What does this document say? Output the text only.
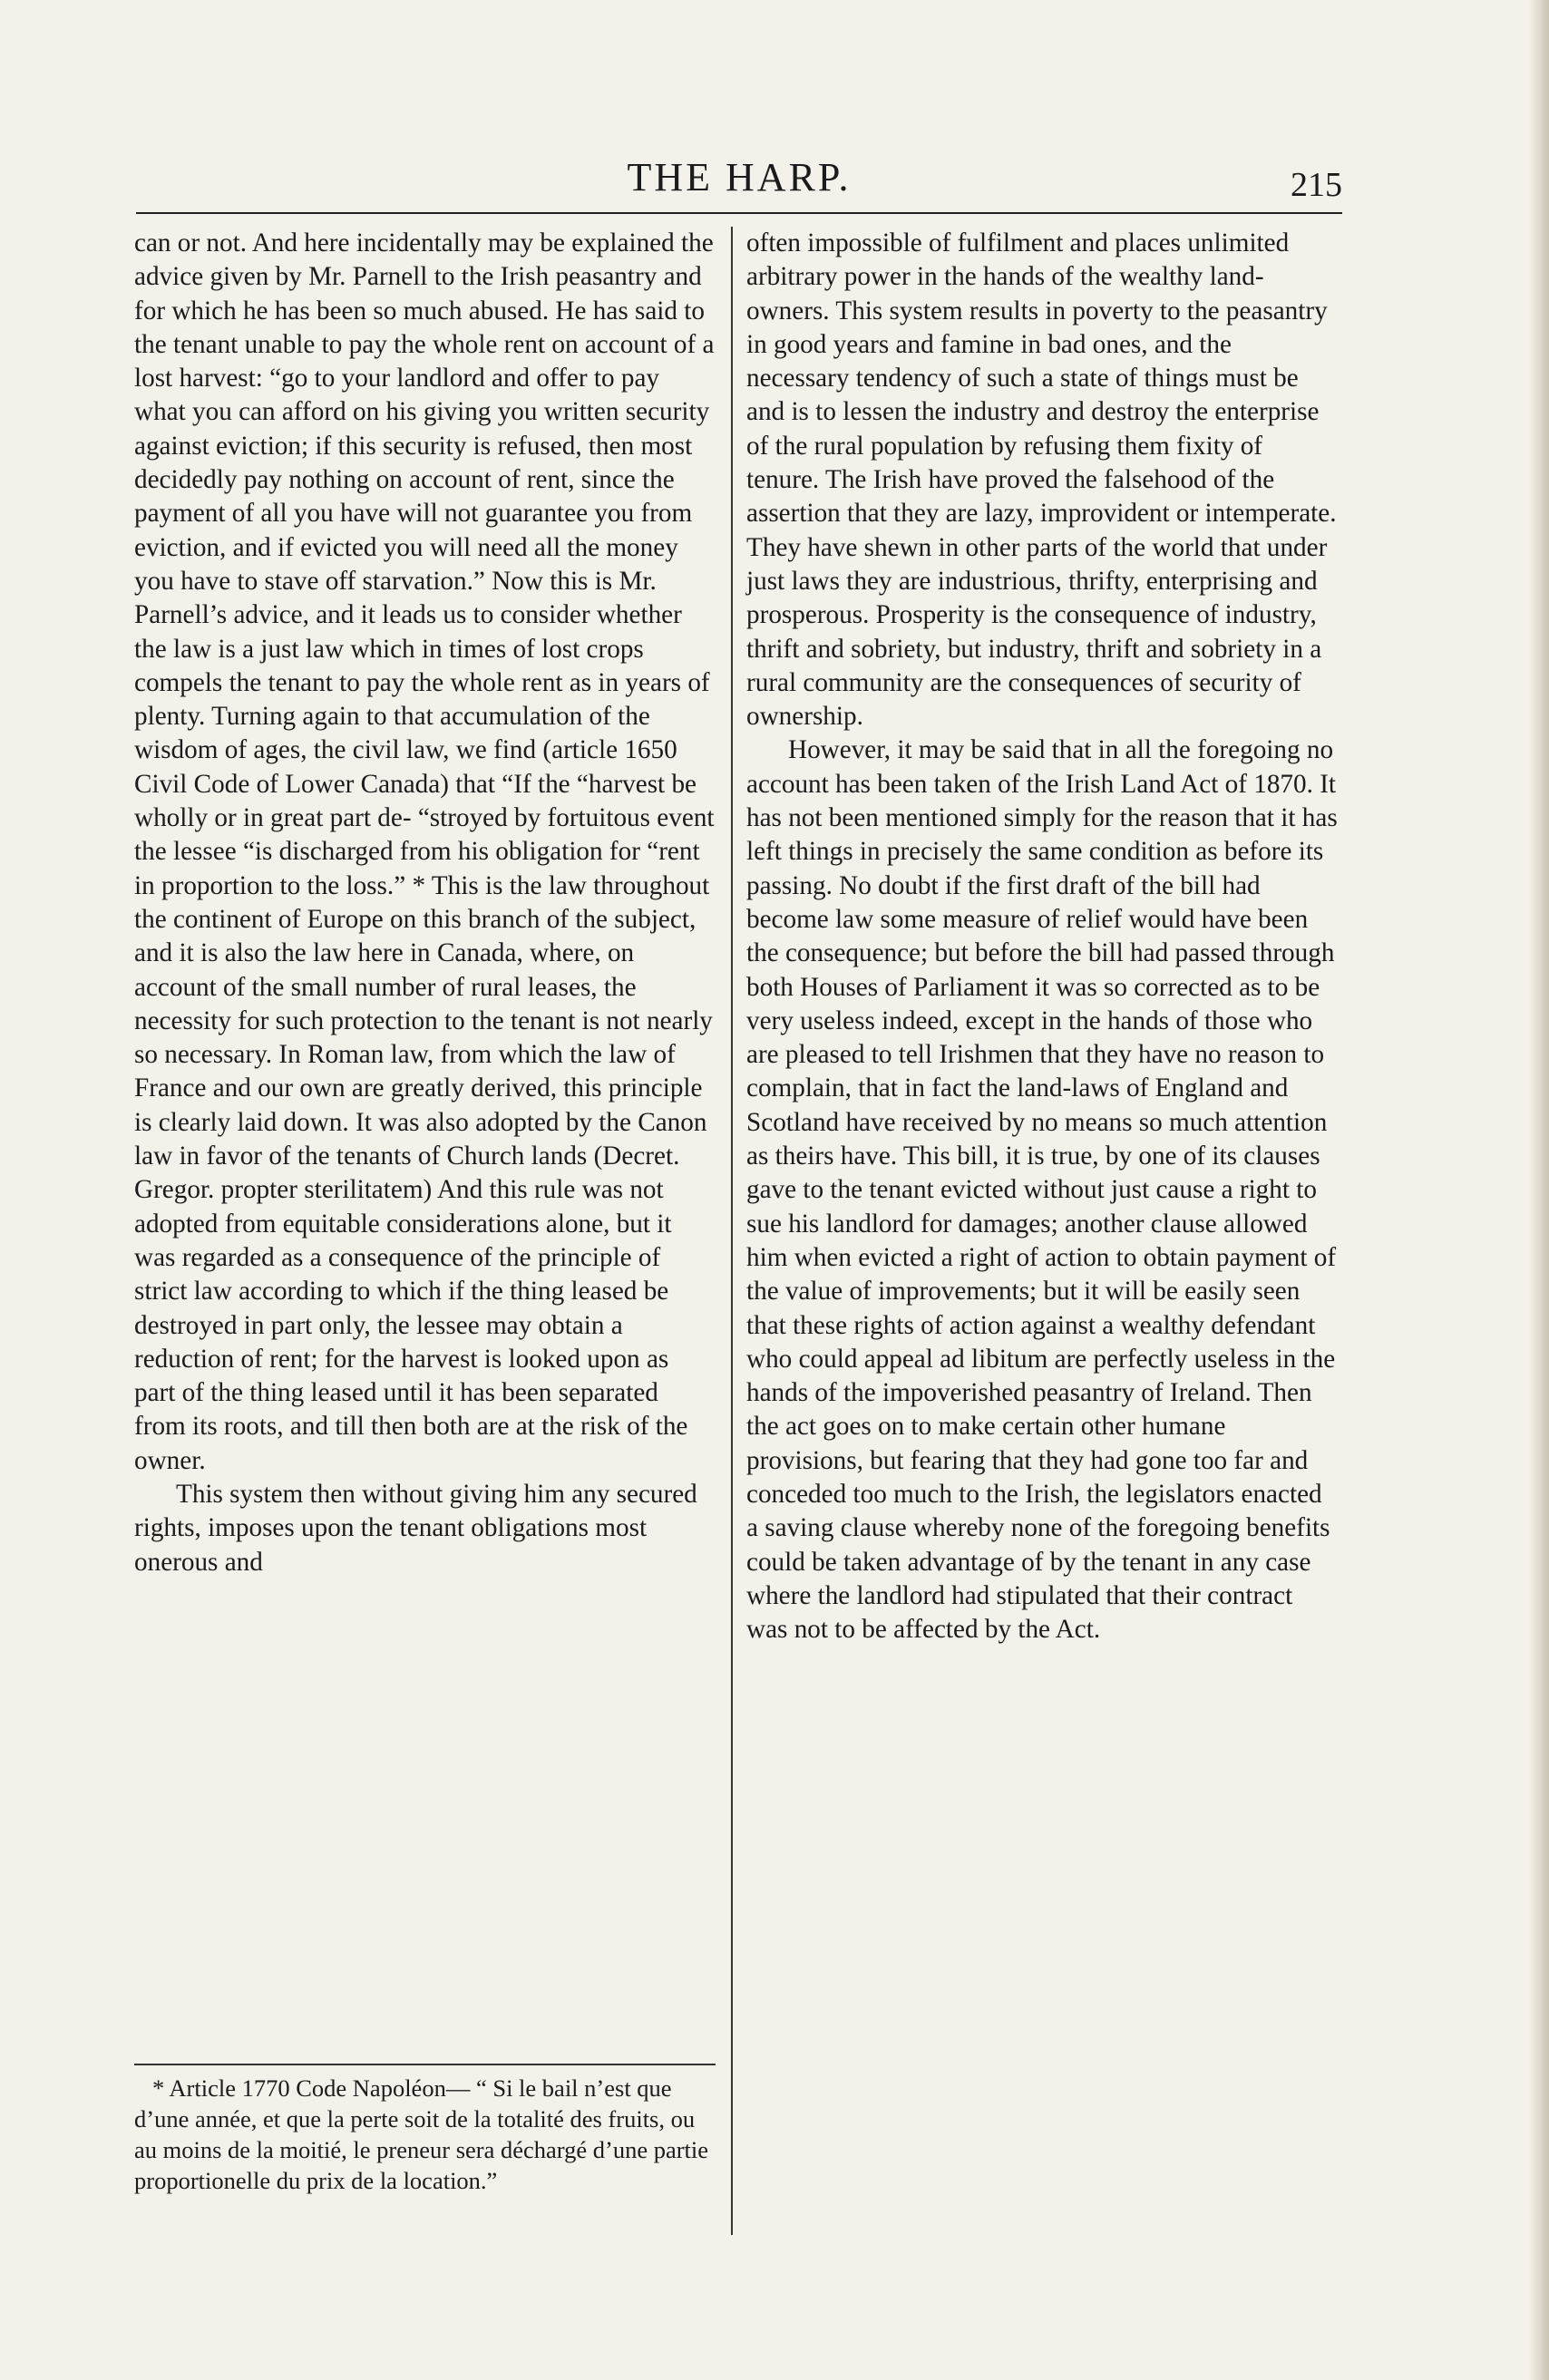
THE HARP.	215

can or not. And here incidentally may be explained the advice given by Mr. Parnell to the Irish peasantry and for which he has been so much abused. He has said to the tenant unable to pay the whole rent on account of a lost harvest: “go to your landlord and offer to pay what you can afford on his giving you written security against eviction; if this security is refused, then most decidedly pay nothing on account of rent, since the payment of all you have will not guarantee you from eviction, and if evicted you will need all the money you have to stave off starvation.” Now this is Mr. Parnell’s advice, and it leads us to consider whether the law is a just law which in times of lost crops compels the tenant to pay the whole rent as in years of plenty. Turning again to that accumulation of the wisdom of ages, the civil law, we find (article 1650 Civil Code of Lower Canada) that “If the “harvest be wholly or in great part de- “stroyed by fortuitous event the lessee “is discharged from his obligation for “rent in proportion to the loss.” * This is the law throughout the continent of Europe on this branch of the subject, and it is also the law here in Canada, where, on account of the small number of rural leases, the necessity for such protection to the tenant is not nearly so necessary. In Roman law, from which the law of France and our own are greatly derived, this principle is clearly laid down. It was also adopted by the Canon law in favor of the tenants of Church lands (Decret. Gregor. propter sterilitatem) And this rule was not adopted from equitable considerations alone, but it was regarded as a consequence of the principle of strict law according to which if the thing leased be destroyed in part only, the lessee may obtain a reduction of rent; for the harvest is looked upon as part of the thing leased until it has been separated from its roots, and till then both are at the risk of the owner.

This system then without giving him any secured rights, imposes upon the tenant obligations most onerous and

* Article 1770 Code Napoléon— “ Si le bail n’est que d’une année, et que la perte soit de la totalité des fruits, ou au moins de la moitié, le preneur sera déchargé d’une partie proportionelle du prix de la location.”

often impossible of fulfilment and places unlimited arbitrary power in the hands of the wealthy land-owners. This system results in poverty to the peasantry in good years and famine in bad ones, and the necessary tendency of such a state of things must be and is to lessen the industry and destroy the enterprise of the rural population by refusing them fixity of tenure. The Irish have proved the falsehood of the assertion that they are lazy, improvident or intemperate. They have shewn in other parts of the world that under just laws they are industrious, thrifty, enterprising and prosperous. Prosperity is the consequence of industry, thrift and sobriety, but industry, thrift and sobriety in a rural community are the consequences of security of ownership.

However, it may be said that in all the foregoing no account has been taken of the Irish Land Act of 1870. It has not been mentioned simply for the reason that it has left things in precisely the same condition as before its passing. No doubt if the first draft of the bill had become law some measure of relief would have been the consequence; but before the bill had passed through both Houses of Parliament it was so corrected as to be very useless indeed, except in the hands of those who are pleased to tell Irishmen that they have no reason to complain, that in fact the land-laws of England and Scotland have received by no means so much attention as theirs have. This bill, it is true, by one of its clauses gave to the tenant evicted without just cause a right to sue his landlord for damages; another clause allowed him when evicted a right of action to obtain payment of the value of improvements; but it will be easily seen that these rights of action against a wealthy defendant who could appeal ad libitum are perfectly useless in the hands of the impoverished peasantry of Ireland. Then the act goes on to make certain other humane provisions, but fearing that they had gone too far and conceded too much to the Irish, the legislators enacted a saving clause whereby none of the foregoing benefits could be taken advantage of by the tenant in any case where the landlord had stipulated that their contract was not to be affected by the Act.
